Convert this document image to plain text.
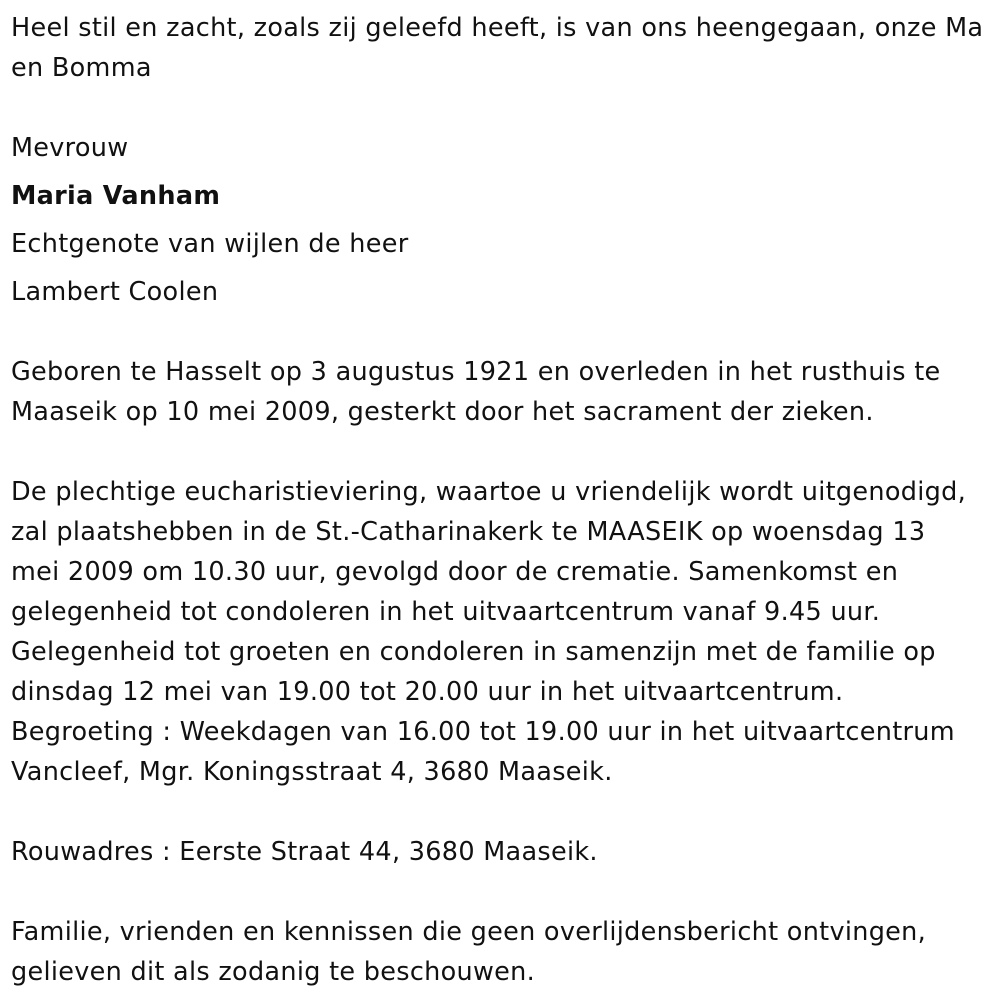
Heel stil en zacht, zoals zij geleefd heeft, is van ons heengegaan, onze Ma
en Bomma
Mevrouw
Maria Vanham
Echtgenote van wijlen de heer
Lambert Coolen
Geboren te Hasselt op 3 augustus 1921 en overleden in het rusthuis te
Maaseik op 10 mei 2009, gesterkt door het sacrament der zieken.
De plechtige eucharistieviering, waartoe u vriendelijk wordt uitgenodigd,
zal plaatshebben in de St.-Catharinakerk te MAASEIK op woensdag 13
mei 2009 om 10.30 uur, gevolgd door de crematie. Samenkomst en
gelegenheid tot condoleren in het uitvaartcentrum vanaf 9.45 uur.
Gelegenheid tot groeten en condoleren in samenzijn met de familie op
dinsdag 12 mei van 19.00 tot 20.00 uur in het uitvaartcentrum.
Begroeting : Weekdagen van 16.00 tot 19.00 uur in het uitvaartcentrum
Vancleef, Mgr. Koningsstraat 4, 3680 Maaseik.
Rouwadres : Eerste Straat 44, 3680 Maaseik.
Familie, vrienden en kennissen die geen overlijdensbericht ontvingen,
gelieven dit als zodanig te beschouwen.
